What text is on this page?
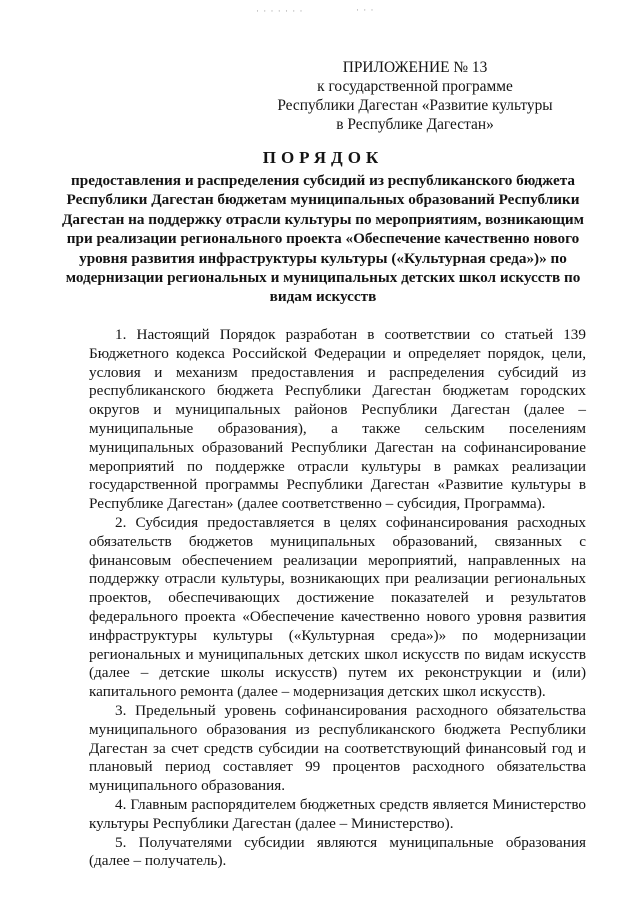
· · · · · · ·	· · ·
ПРИЛОЖЕНИЕ № 13
к государственной программе
Республики Дагестан «Развитие культуры
в Республике Дагестан»
ПОРЯДОК
предоставления и распределения субсидий из республиканского бюджета Республики Дагестан бюджетам муниципальных образований Республики Дагестан на поддержку отрасли культуры по мероприятиям, возникающим при реализации регионального проекта «Обеспечение качественно нового уровня развития инфраструктуры культуры («Культурная среда»)» по модернизации региональных и муниципальных детских школ искусств по видам искусств

1. Настоящий Порядок разработан в соответствии со статьей 139 Бюджетного кодекса Российской Федерации и определяет порядок, цели, условия и механизм предоставления и распределения субсидий из республиканского бюджета Республики Дагестан бюджетам городских округов и муниципальных районов Республики Дагестан (далее – муниципальные образования), а также сельским поселениям муниципальных образований Республики Дагестан на софинансирование мероприятий по поддержке отрасли культуры в рамках реализации государственной программы Республики Дагестан «Развитие культуры в Республике Дагестан» (далее соответственно – субсидия, Программа).

2. Субсидия предоставляется в целях софинансирования расходных обязательств бюджетов муниципальных образований, связанных с финансовым обеспечением реализации мероприятий, направленных на поддержку отрасли культуры, возникающих при реализации региональных проектов, обеспечивающих достижение показателей и результатов федерального проекта «Обеспечение качественно нового уровня развития инфраструктуры культуры («Культурная среда»)» по модернизации региональных и муниципальных детских школ искусств по видам искусств (далее – детские школы искусств) путем их реконструкции и (или) капитального ремонта (далее – модернизация детских школ искусств).

3. Предельный уровень софинансирования расходного обязательства муниципального образования из республиканского бюджета Республики Дагестан за счет средств субсидии на соответствующий финансовый год и плановый период составляет 99 процентов расходного обязательства муниципального образования.

4. Главным распорядителем бюджетных средств является Министерство культуры Республики Дагестан (далее – Министерство).

5. Получателями субсидии являются муниципальные образования (далее – получатель).
